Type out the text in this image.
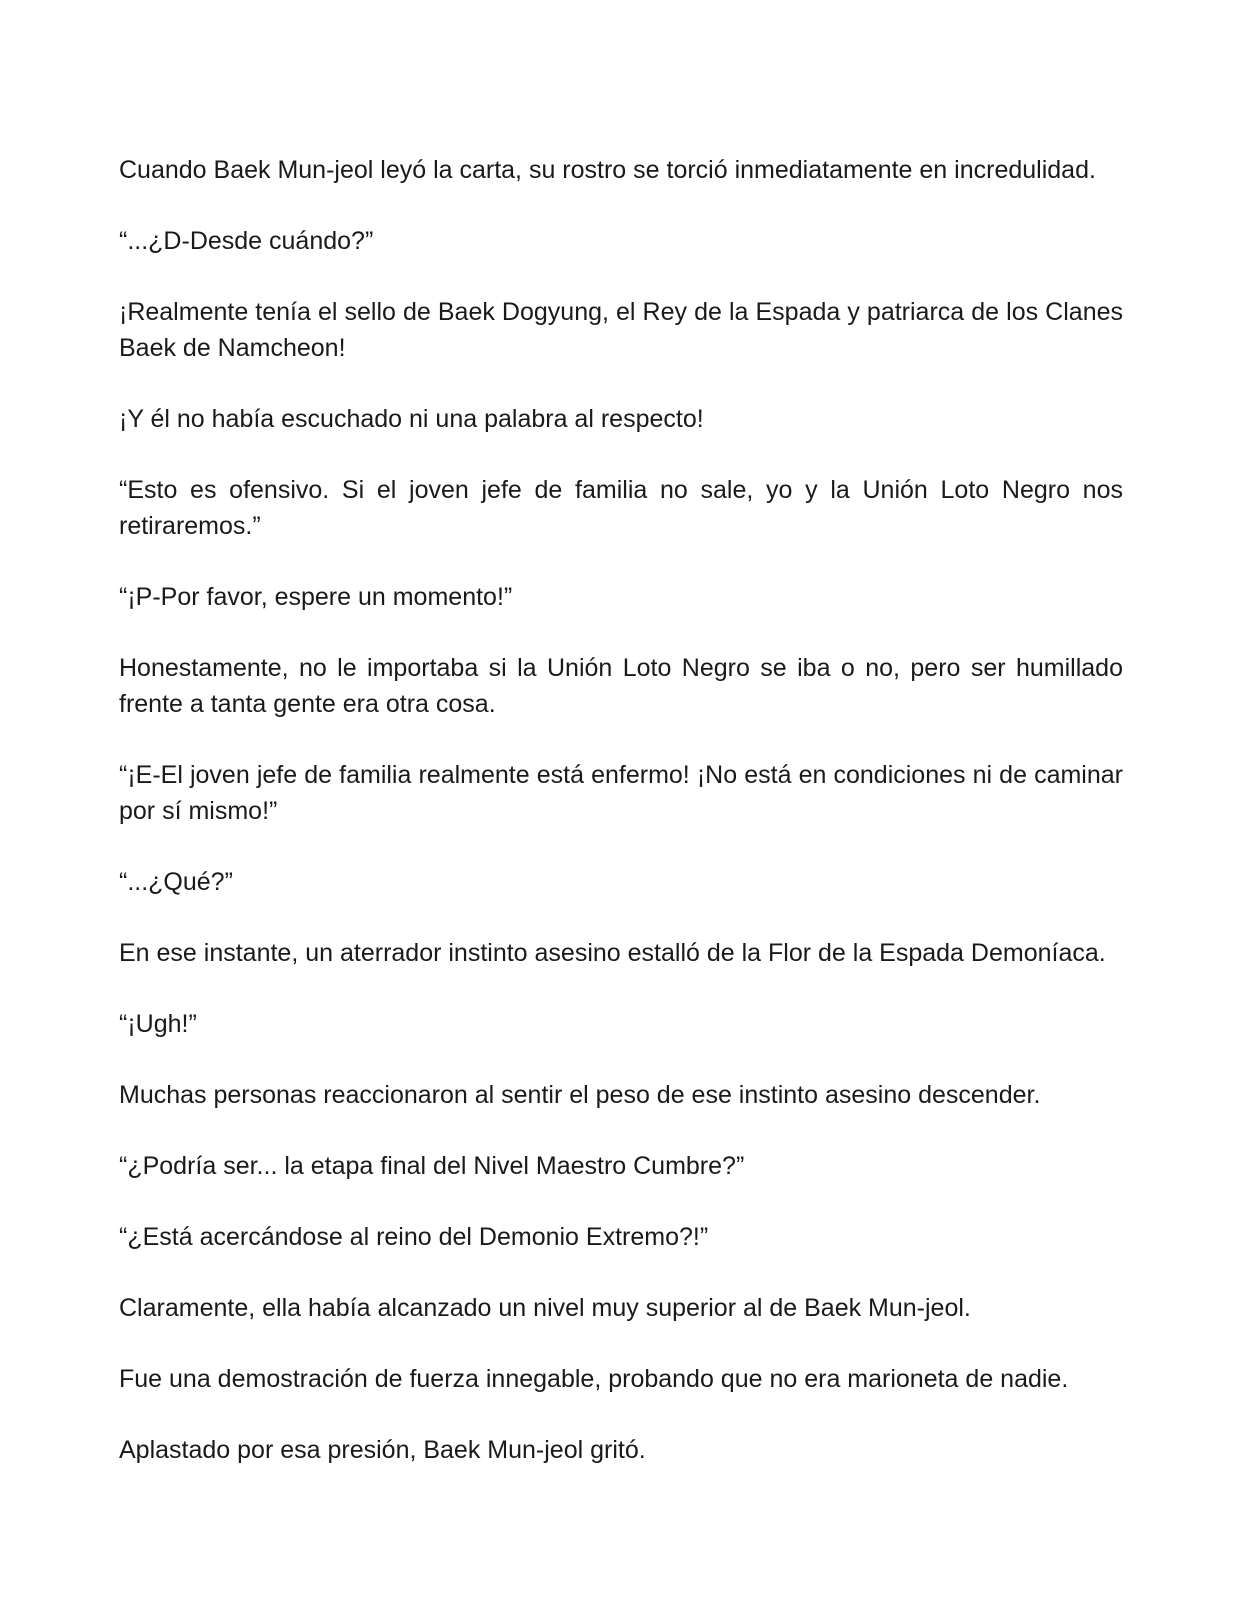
Cuando Baek Mun-jeol leyó la carta, su rostro se torció inmediatamente en incredulidad.

“...¿D-Desde cuándo?”

¡Realmente tenía el sello de Baek Dogyung, el Rey de la Espada y patriarca de los Clanes Baek de Namcheon!

¡Y él no había escuchado ni una palabra al respecto!

“Esto es ofensivo. Si el joven jefe de familia no sale, yo y la Unión Loto Negro nos retiraremos.”

“¡P-Por favor, espere un momento!”

Honestamente, no le importaba si la Unión Loto Negro se iba o no, pero ser humillado frente a tanta gente era otra cosa.

“¡E-El joven jefe de familia realmente está enfermo! ¡No está en condiciones ni de caminar por sí mismo!”

“...¿Qué?”

En ese instante, un aterrador instinto asesino estalló de la Flor de la Espada Demoníaca.

“¡Ugh!”

Muchas personas reaccionaron al sentir el peso de ese instinto asesino descender.

“¿Podría ser... la etapa final del Nivel Maestro Cumbre?”

“¿Está acercándose al reino del Demonio Extremo?!”

Claramente, ella había alcanzado un nivel muy superior al de Baek Mun-jeol.

Fue una demostración de fuerza innegable, probando que no era marioneta de nadie.

Aplastado por esa presión, Baek Mun-jeol gritó.
